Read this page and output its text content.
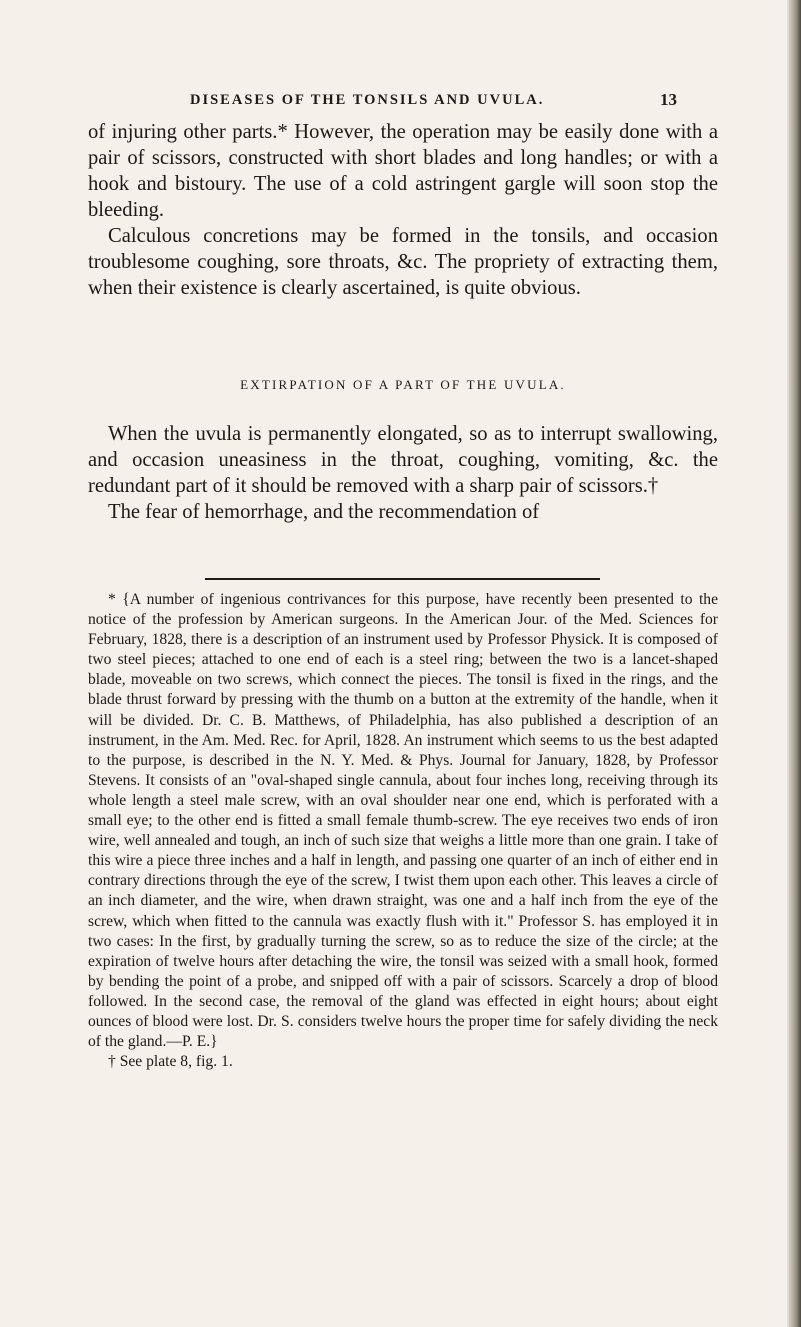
DISEASES OF THE TONSILS AND UVULA.	13

of injuring other parts.* However, the operation may be easily done with a pair of scissors, constructed with short blades and long handles; or with a hook and bistoury. The use of a cold astringent gargle will soon stop the bleeding.

Calculous concretions may be formed in the tonsils, and occasion troublesome coughing, sore throats, &c. The propriety of extracting them, when their existence is clearly ascertained, is quite obvious.

EXTIRPATION OF A PART OF THE UVULA.

When the uvula is permanently elongated, so as to interrupt swallowing, and occasion uneasiness in the throat, coughing, vomiting, &c. the redundant part of it should be removed with a sharp pair of scissors.†

The fear of hemorrhage, and the recommendation of

* {A number of ingenious contrivances for this purpose, have recently been presented to the notice of the profession by American surgeons. In the American Jour. of the Med. Sciences for February, 1828, there is a description of an instrument used by Professor Physick. It is composed of two steel pieces; attached to one end of each is a steel ring; between the two is a lancet-shaped blade, moveable on two screws, which connect the pieces. The tonsil is fixed in the rings, and the blade thrust forward by pressing with the thumb on a button at the extremity of the handle, when it will be divided. Dr. C. B. Matthews, of Philadelphia, has also published a description of an instrument, in the Am. Med. Rec. for April, 1828. An instrument which seems to us the best adapted to the purpose, is described in the N. Y. Med. & Phys. Journal for January, 1828, by Professor Stevens. It consists of an "oval-shaped single cannula, about four inches long, receiving through its whole length a steel male screw, with an oval shoulder near one end, which is perforated with a small eye; to the other end is fitted a small female thumb-screw. The eye receives two ends of iron wire, well annealed and tough, an inch of such size that weighs a little more than one grain. I take of this wire a piece three inches and a half in length, and passing one quarter of an inch of either end in contrary directions through the eye of the screw, I twist them upon each other. This leaves a circle of an inch diameter, and the wire, when drawn straight, was one and a half inch from the eye of the screw, which when fitted to the cannula was exactly flush with it." Professor S. has employed it in two cases: In the first, by gradually turning the screw, so as to reduce the size of the circle; at the expiration of twelve hours after detaching the wire, the tonsil was seized with a small hook, formed by bending the point of a probe, and snipped off with a pair of scissors. Scarcely a drop of blood followed. In the second case, the removal of the gland was effected in eight hours; about eight ounces of blood were lost. Dr. S. considers twelve hours the proper time for safely dividing the neck of the gland.—P. E.}

† See plate 8, fig. 1.
